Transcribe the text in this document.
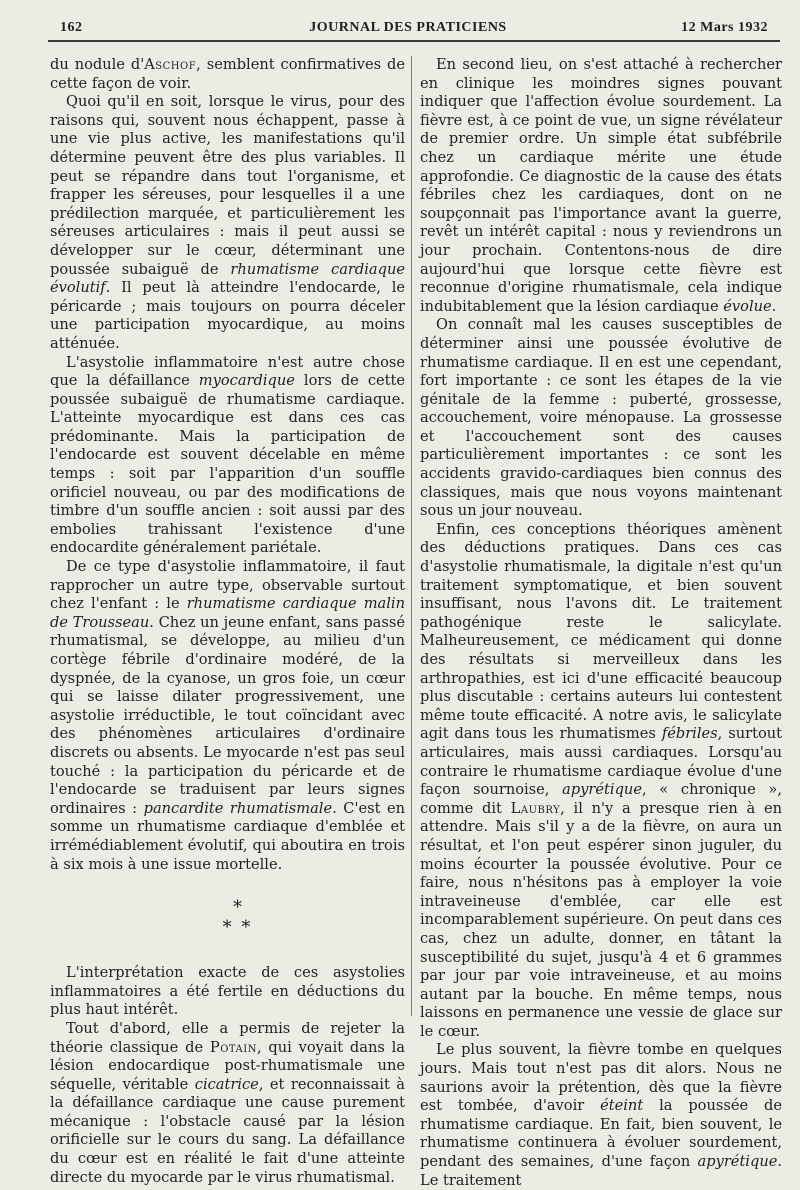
162	JOURNAL DES PRATICIENS	12 Mars 1932

du nodule d'Aschof, semblent confirmatives de cette façon de voir.

Quoi qu'il en soit, lorsque le virus, pour des raisons qui, souvent nous échappent, passe à une vie plus active, les manifestations qu'il détermine peuvent être des plus variables. Il peut se répandre dans tout l'organisme, et frapper les séreuses, pour lesquelles il a une prédilection marquée, et particulièrement les séreuses articulaires : mais il peut aussi se développer sur le cœur, déterminant une poussée subaiguë de rhumatisme cardiaque évolutif. Il peut là atteindre l'endocarde, le péricarde ; mais toujours on pourra déceler une participation myocardique, au moins atténuée.

L'asystolie inflammatoire n'est autre chose que la défaillance myocardique lors de cette poussée subaiguë de rhumatisme cardiaque. L'atteinte myocardique est dans ces cas prédominante. Mais la participation de l'endocarde est souvent décelable en même temps : soit par l'apparition d'un souffle orificiel nouveau, ou par des modifications de timbre d'un souffle ancien : soit aussi par des embolies trahissant l'existence d'une endocardite généralement pariétale.

De ce type d'asystolie inflammatoire, il faut rapprocher un autre type, observable surtout chez l'enfant : le rhumatisme cardiaque malin de Trousseau. Chez un jeune enfant, sans passé rhumatismal, se développe, au milieu d'un cortège fébrile d'ordinaire modéré, de la dyspnée, de la cyanose, un gros foie, un cœur qui se laisse dilater progressivement, une asystolie irréductible, le tout coïncidant avec des phénomènes articulaires d'ordinaire discrets ou absents. Le myocarde n'est pas seul touché : la participation du péricarde et de l'endocarde se traduisent par leurs signes ordinaires : pancardite rhumatismale. C'est en somme un rhumatisme cardiaque d'emblée et irrémédiablement évolutif, qui aboutira en trois à six mois à une issue mortelle.

*
* *

L'interprétation exacte de ces asystolies inflammatoires a été fertile en déductions du plus haut intérêt.

Tout d'abord, elle a permis de rejeter la théorie classique de Potain, qui voyait dans la lésion endocardique post-rhumatismale une séquelle, véritable cicatrice, et reconnaissait à la défaillance cardiaque une cause purement mécanique : l'obstacle causé par la lésion orificielle sur le cours du sang. La défaillance du cœur est en réalité le fait d'une atteinte directe du myocarde par le virus rhumatismal.

En second lieu, on s'est attaché à rechercher en clinique les moindres signes pouvant indiquer que l'affection évolue sourdement. La fièvre est, à ce point de vue, un signe révélateur de premier ordre. Un simple état subfébrile chez un cardiaque mérite une étude approfondie. Ce diagnostic de la cause des états fébriles chez les cardiaques, dont on ne soupçonnait pas l'importance avant la guerre, revêt un intérêt capital : nous y reviendrons un jour prochain. Contentons-nous de dire aujourd'hui que lorsque cette fièvre est reconnue d'origine rhumatismale, cela indique indubitablement que la lésion cardiaque évolue.

On connaît mal les causes susceptibles de déterminer ainsi une poussée évolutive de rhumatisme cardiaque. Il en est une cependant, fort importante : ce sont les étapes de la vie génitale de la femme : puberté, grossesse, accouchement, voire ménopause. La grossesse et l'accouchement sont des causes particulièrement importantes : ce sont les accidents gravido-cardiaques bien connus des classiques, mais que nous voyons maintenant sous un jour nouveau.

Enfin, ces conceptions théoriques amènent des déductions pratiques. Dans ces cas d'asystolie rhumatismale, la digitale n'est qu'un traitement symptomatique, et bien souvent insuffisant, nous l'avons dit. Le traitement pathogénique reste le salicylate. Malheureusement, ce médicament qui donne des résultats si merveilleux dans les arthropathies, est ici d'une efficacité beaucoup plus discutable : certains auteurs lui contestent même toute efficacité. A notre avis, le salicylate agit dans tous les rhumatismes fébriles, surtout articulaires, mais aussi cardiaques. Lorsqu'au contraire le rhumatisme cardiaque évolue d'une façon sournoise, apyrétique, « chronique », comme dit Laubry, il n'y a presque rien à en attendre. Mais s'il y a de la fièvre, on aura un résultat, et l'on peut espérer sinon juguler, du moins écourter la poussée évolutive. Pour ce faire, nous n'hésitons pas à employer la voie intraveineuse d'emblée, car elle est incomparablement supérieure. On peut dans ces cas, chez un adulte, donner, en tâtant la susceptibilité du sujet, jusqu'à 4 et 6 grammes par jour par voie intraveineuse, et au moins autant par la bouche. En même temps, nous laissons en permanence une vessie de glace sur le cœur.

Le plus souvent, la fièvre tombe en quelques jours. Mais tout n'est pas dit alors. Nous ne saurions avoir la prétention, dès que la fièvre est tombée, d'avoir éteint la poussée de rhumatisme cardiaque. En fait, bien souvent, le rhumatisme continuera à évoluer sourdement, pendant des semaines, d'une façon apyrétique. Le traitement
